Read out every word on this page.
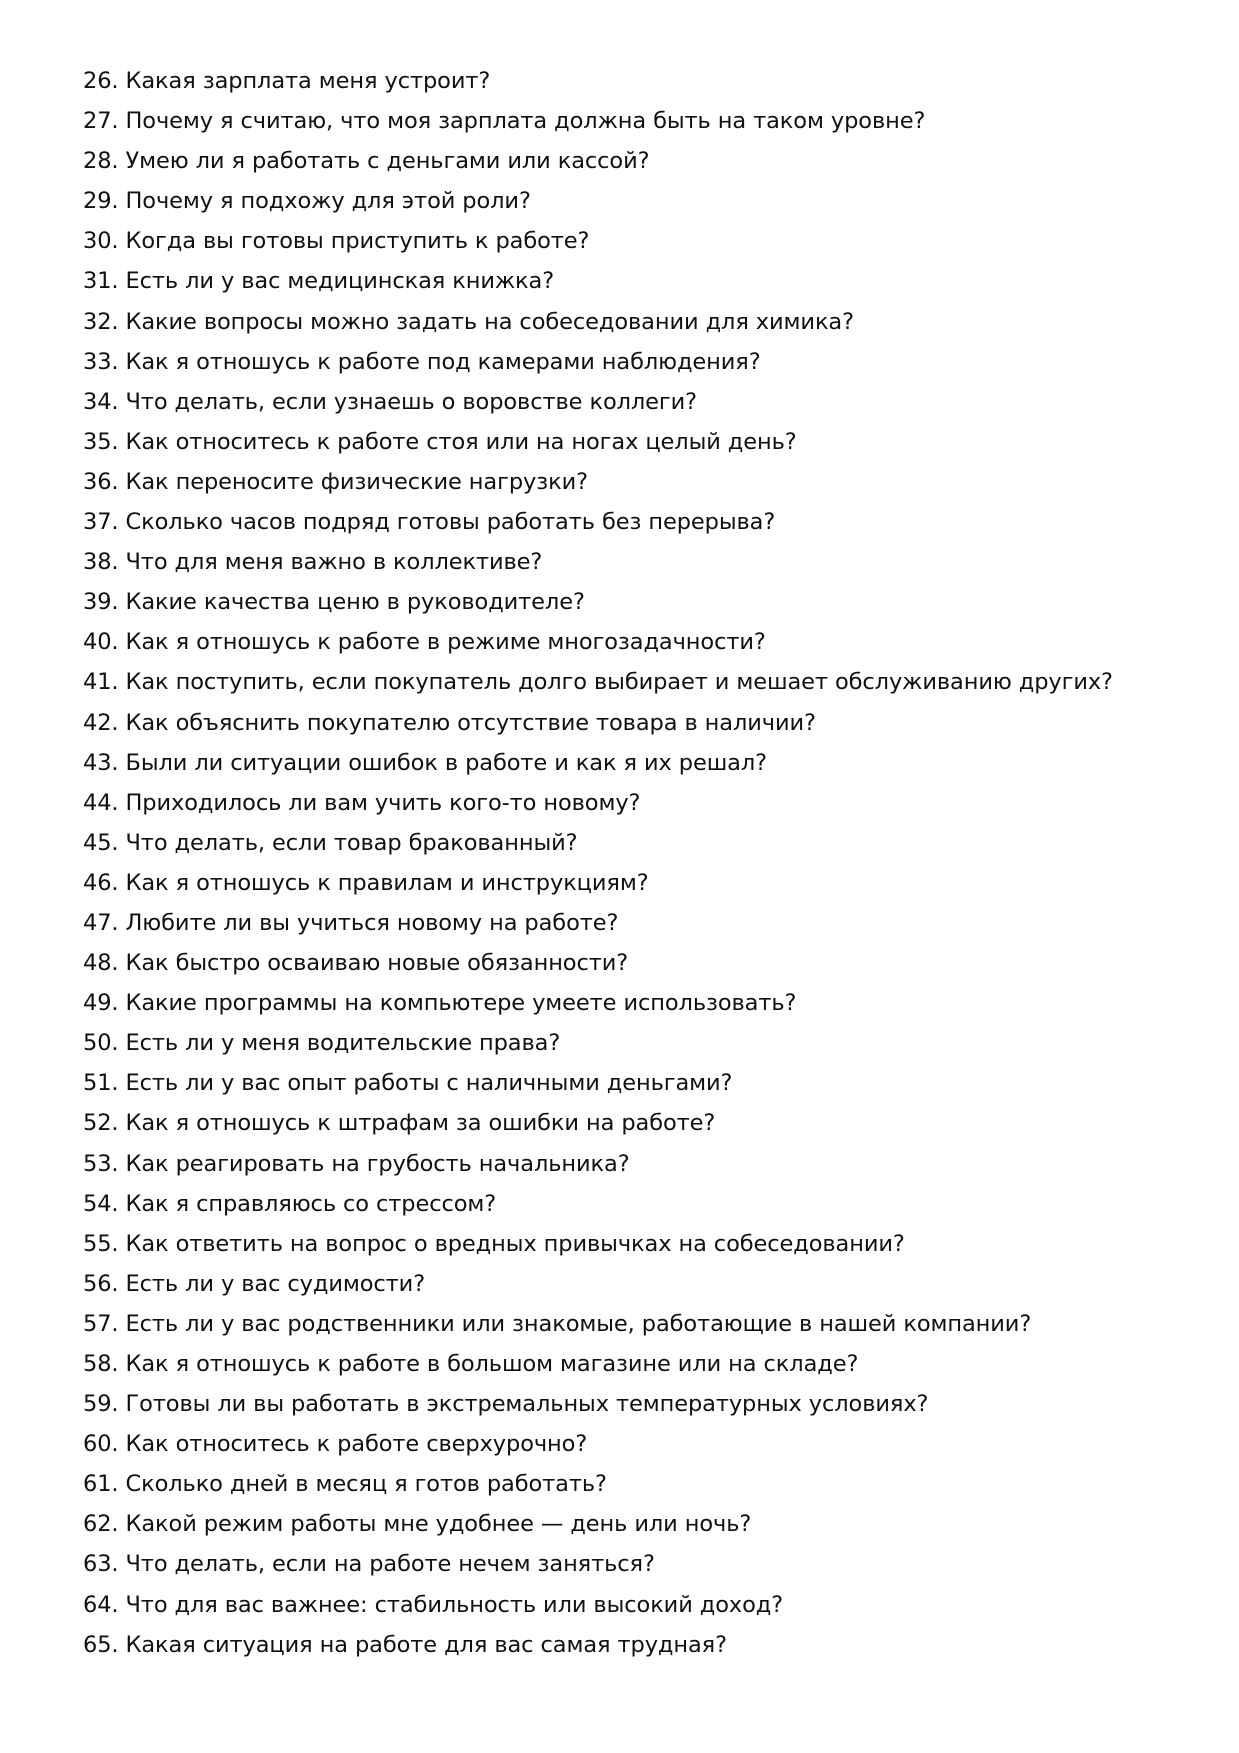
26. Какая зарплата меня устроит?
27. Почему я считаю, что моя зарплата должна быть на таком уровне?
28. Умею ли я работать с деньгами или кассой?
29. Почему я подхожу для этой роли?
30. Когда вы готовы приступить к работе?
31. Есть ли у вас медицинская книжка?
32. Какие вопросы можно задать на собеседовании для химика?
33. Как я отношусь к работе под камерами наблюдения?
34. Что делать, если узнаешь о воровстве коллеги?
35. Как относитесь к работе стоя или на ногах целый день?
36. Как переносите физические нагрузки?
37. Сколько часов подряд готовы работать без перерыва?
38. Что для меня важно в коллективе?
39. Какие качества ценю в руководителе?
40. Как я отношусь к работе в режиме многозадачности?
41. Как поступить, если покупатель долго выбирает и мешает обслуживанию других?
42. Как объяснить покупателю отсутствие товара в наличии?
43. Были ли ситуации ошибок в работе и как я их решал?
44. Приходилось ли вам учить кого-то новому?
45. Что делать, если товар бракованный?
46. Как я отношусь к правилам и инструкциям?
47. Любите ли вы учиться новому на работе?
48. Как быстро осваиваю новые обязанности?
49. Какие программы на компьютере умеете использовать?
50. Есть ли у меня водительские права?
51. Есть ли у вас опыт работы с наличными деньгами?
52. Как я отношусь к штрафам за ошибки на работе?
53. Как реагировать на грубость начальника?
54. Как я справляюсь со стрессом?
55. Как ответить на вопрос о вредных привычках на собеседовании?
56. Есть ли у вас судимости?
57. Есть ли у вас родственники или знакомые, работающие в нашей компании?
58. Как я отношусь к работе в большом магазине или на складе?
59. Готовы ли вы работать в экстремальных температурных условиях?
60. Как относитесь к работе сверхурочно?
61. Сколько дней в месяц я готов работать?
62. Какой режим работы мне удобнее — день или ночь?
63. Что делать, если на работе нечем заняться?
64. Что для вас важнее: стабильность или высокий доход?
65. Какая ситуация на работе для вас самая трудная?
